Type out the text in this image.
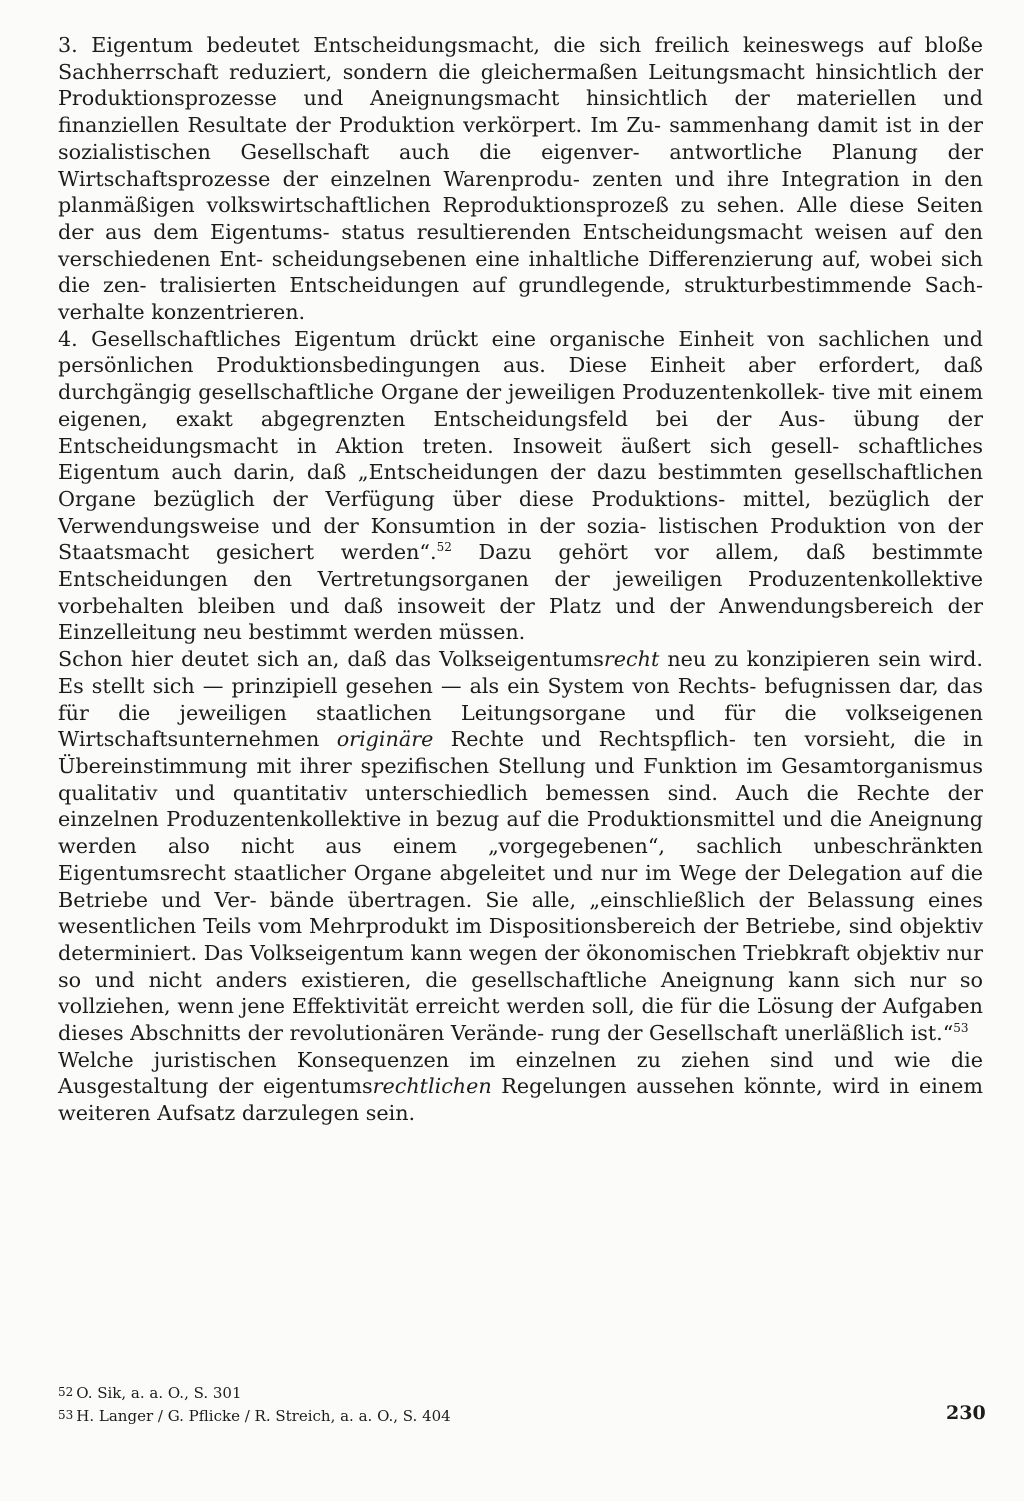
3. Eigentum bedeutet Entscheidungsmacht, die sich freilich keineswegs auf bloße Sachherrschaft reduziert, sondern die gleichermaßen Leitungsmacht hinsichtlich der Produktionsprozesse und Aneignungsmacht hinsichtlich der materiellen und finanziellen Resultate der Produktion verkörpert. Im Zu- sammenhang damit ist in der sozialistischen Gesellschaft auch die eigenver- antwortliche Planung der Wirtschaftsprozesse der einzelnen Warenprodu- zenten und ihre Integration in den planmäßigen volkswirtschaftlichen Reproduktionsprozeß zu sehen. Alle diese Seiten der aus dem Eigentums- status resultierenden Entscheidungsmacht weisen auf den verschiedenen Ent- scheidungsebenen eine inhaltliche Differenzierung auf, wobei sich die zen- tralisierten Entscheidungen auf grundlegende, strukturbestimmende Sach- verhalte konzentrieren.

4. Gesellschaftliches Eigentum drückt eine organische Einheit von sachlichen und persönlichen Produktionsbedingungen aus. Diese Einheit aber erfordert, daß durchgängig gesellschaftliche Organe der jeweiligen Produzentenkollek- tive mit einem eigenen, exakt abgegrenzten Entscheidungsfeld bei der Aus- übung der Entscheidungsmacht in Aktion treten. Insoweit äußert sich gesell- schaftliches Eigentum auch darin, daß „Entscheidungen der dazu bestimmten gesellschaftlichen Organe bezüglich der Verfügung über diese Produktions- mittel, bezüglich der Verwendungsweise und der Konsumtion in der sozia- listischen Produktion von der Staatsmacht gesichert werden“.$^{52}$ Dazu gehört vor allem, daß bestimmte Entscheidungen den Vertretungsorganen der jeweiligen Produzentenkollektive vorbehalten bleiben und daß insoweit der Platz und der Anwendungsbereich der Einzelleitung neu bestimmt werden müssen.

Schon hier deutet sich an, daß das Volkseigentumsrecht neu zu konzipieren sein wird. Es stellt sich — prinzipiell gesehen — als ein System von Rechts- befugnissen dar, das für die jeweiligen staatlichen Leitungsorgane und für die volkseigenen Wirtschaftsunternehmen originäre Rechte und Rechtspflich- ten vorsieht, die in Übereinstimmung mit ihrer spezifischen Stellung und Funktion im Gesamtorganismus qualitativ und quantitativ unterschiedlich bemessen sind. Auch die Rechte der einzelnen Produzentenkollektive in bezug auf die Produktionsmittel und die Aneignung werden also nicht aus einem „vorgegebenen“, sachlich unbeschränkten Eigentumsrecht staatlicher Organe abgeleitet und nur im Wege der Delegation auf die Betriebe und Ver- bände übertragen. Sie alle, „einschließlich der Belassung eines wesentlichen Teils vom Mehrprodukt im Dispositionsbereich der Betriebe, sind objektiv determiniert. Das Volkseigentum kann wegen der ökonomischen Triebkraft objektiv nur so und nicht anders existieren, die gesellschaftliche Aneignung kann sich nur so vollziehen, wenn jene Effektivität erreicht werden soll, die für die Lösung der Aufgaben dieses Abschnitts der revolutionären Verände- rung der Gesellschaft unerläßlich ist.“$^{53}$

Welche juristischen Konsequenzen im einzelnen zu ziehen sind und wie die Ausgestaltung der eigentumsrechtlichen Regelungen aussehen könnte, wird in einem weiteren Aufsatz darzulegen sein.

52 O. Sik, a. a. O., S. 301
53 H. Langer / G. Pflicke / R. Streich, a. a. O., S. 404	230
